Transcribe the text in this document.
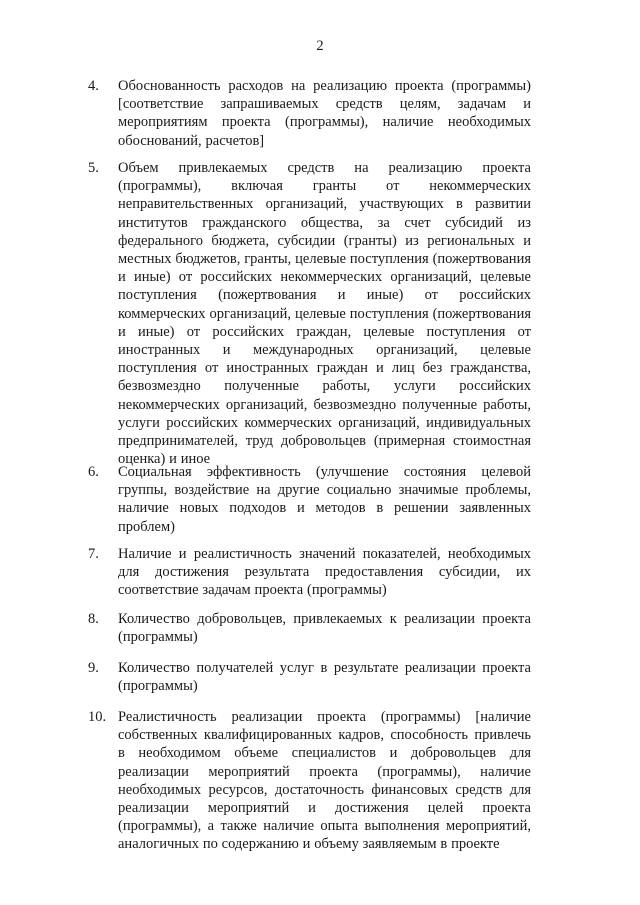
2
4.	Обоснованность расходов на реализацию проекта (программы) [соответствие запрашиваемых средств целям, задачам и мероприятиям проекта (программы), наличие необходимых обоснований, расчетов]
5.	Объем привлекаемых средств на реализацию проекта (программы), включая гранты от некоммерческих неправительственных организаций, участвующих в развитии институтов гражданского общества, за счет субсидий из федерального бюджета, субсидии (гранты) из региональных и местных бюджетов, гранты, целевые поступления (пожертвования и иные) от российских некоммерческих организаций, целевые поступления (пожертвования и иные) от российских коммерческих организаций, целевые поступления (пожертвования и иные) от российских граждан, целевые поступления от иностранных и международных организаций, целевые поступления от иностранных граждан и лиц без гражданства, безвозмездно полученные работы, услуги российских некоммерческих организаций, безвозмездно полученные работы, услуги российских коммерческих организаций, индивидуальных предпринимателей, труд добровольцев (примерная стоимостная оценка) и иное
6.	Социальная эффективность (улучшение состояния целевой группы, воздействие на другие социально значимые проблемы, наличие новых подходов и методов в решении заявленных проблем)
7.	Наличие и реалистичность значений показателей, необходимых для достижения результата предоставления субсидии, их соответствие задачам проекта (программы)
8.	Количество добровольцев, привлекаемых к реализации проекта (программы)
9.	Количество получателей услуг в результате реализации проекта (программы)
10. Реалистичность реализации проекта (программы) [наличие собственных квалифицированных кадров, способность привлечь в необходимом объеме специалистов и добровольцев для реализации мероприятий проекта (программы), наличие необходимых ресурсов, достаточность финансовых средств для реализации мероприятий и достижения целей проекта (программы), а также наличие опыта выполнения мероприятий, аналогичных по содержанию и объему заявляемым в проекте
